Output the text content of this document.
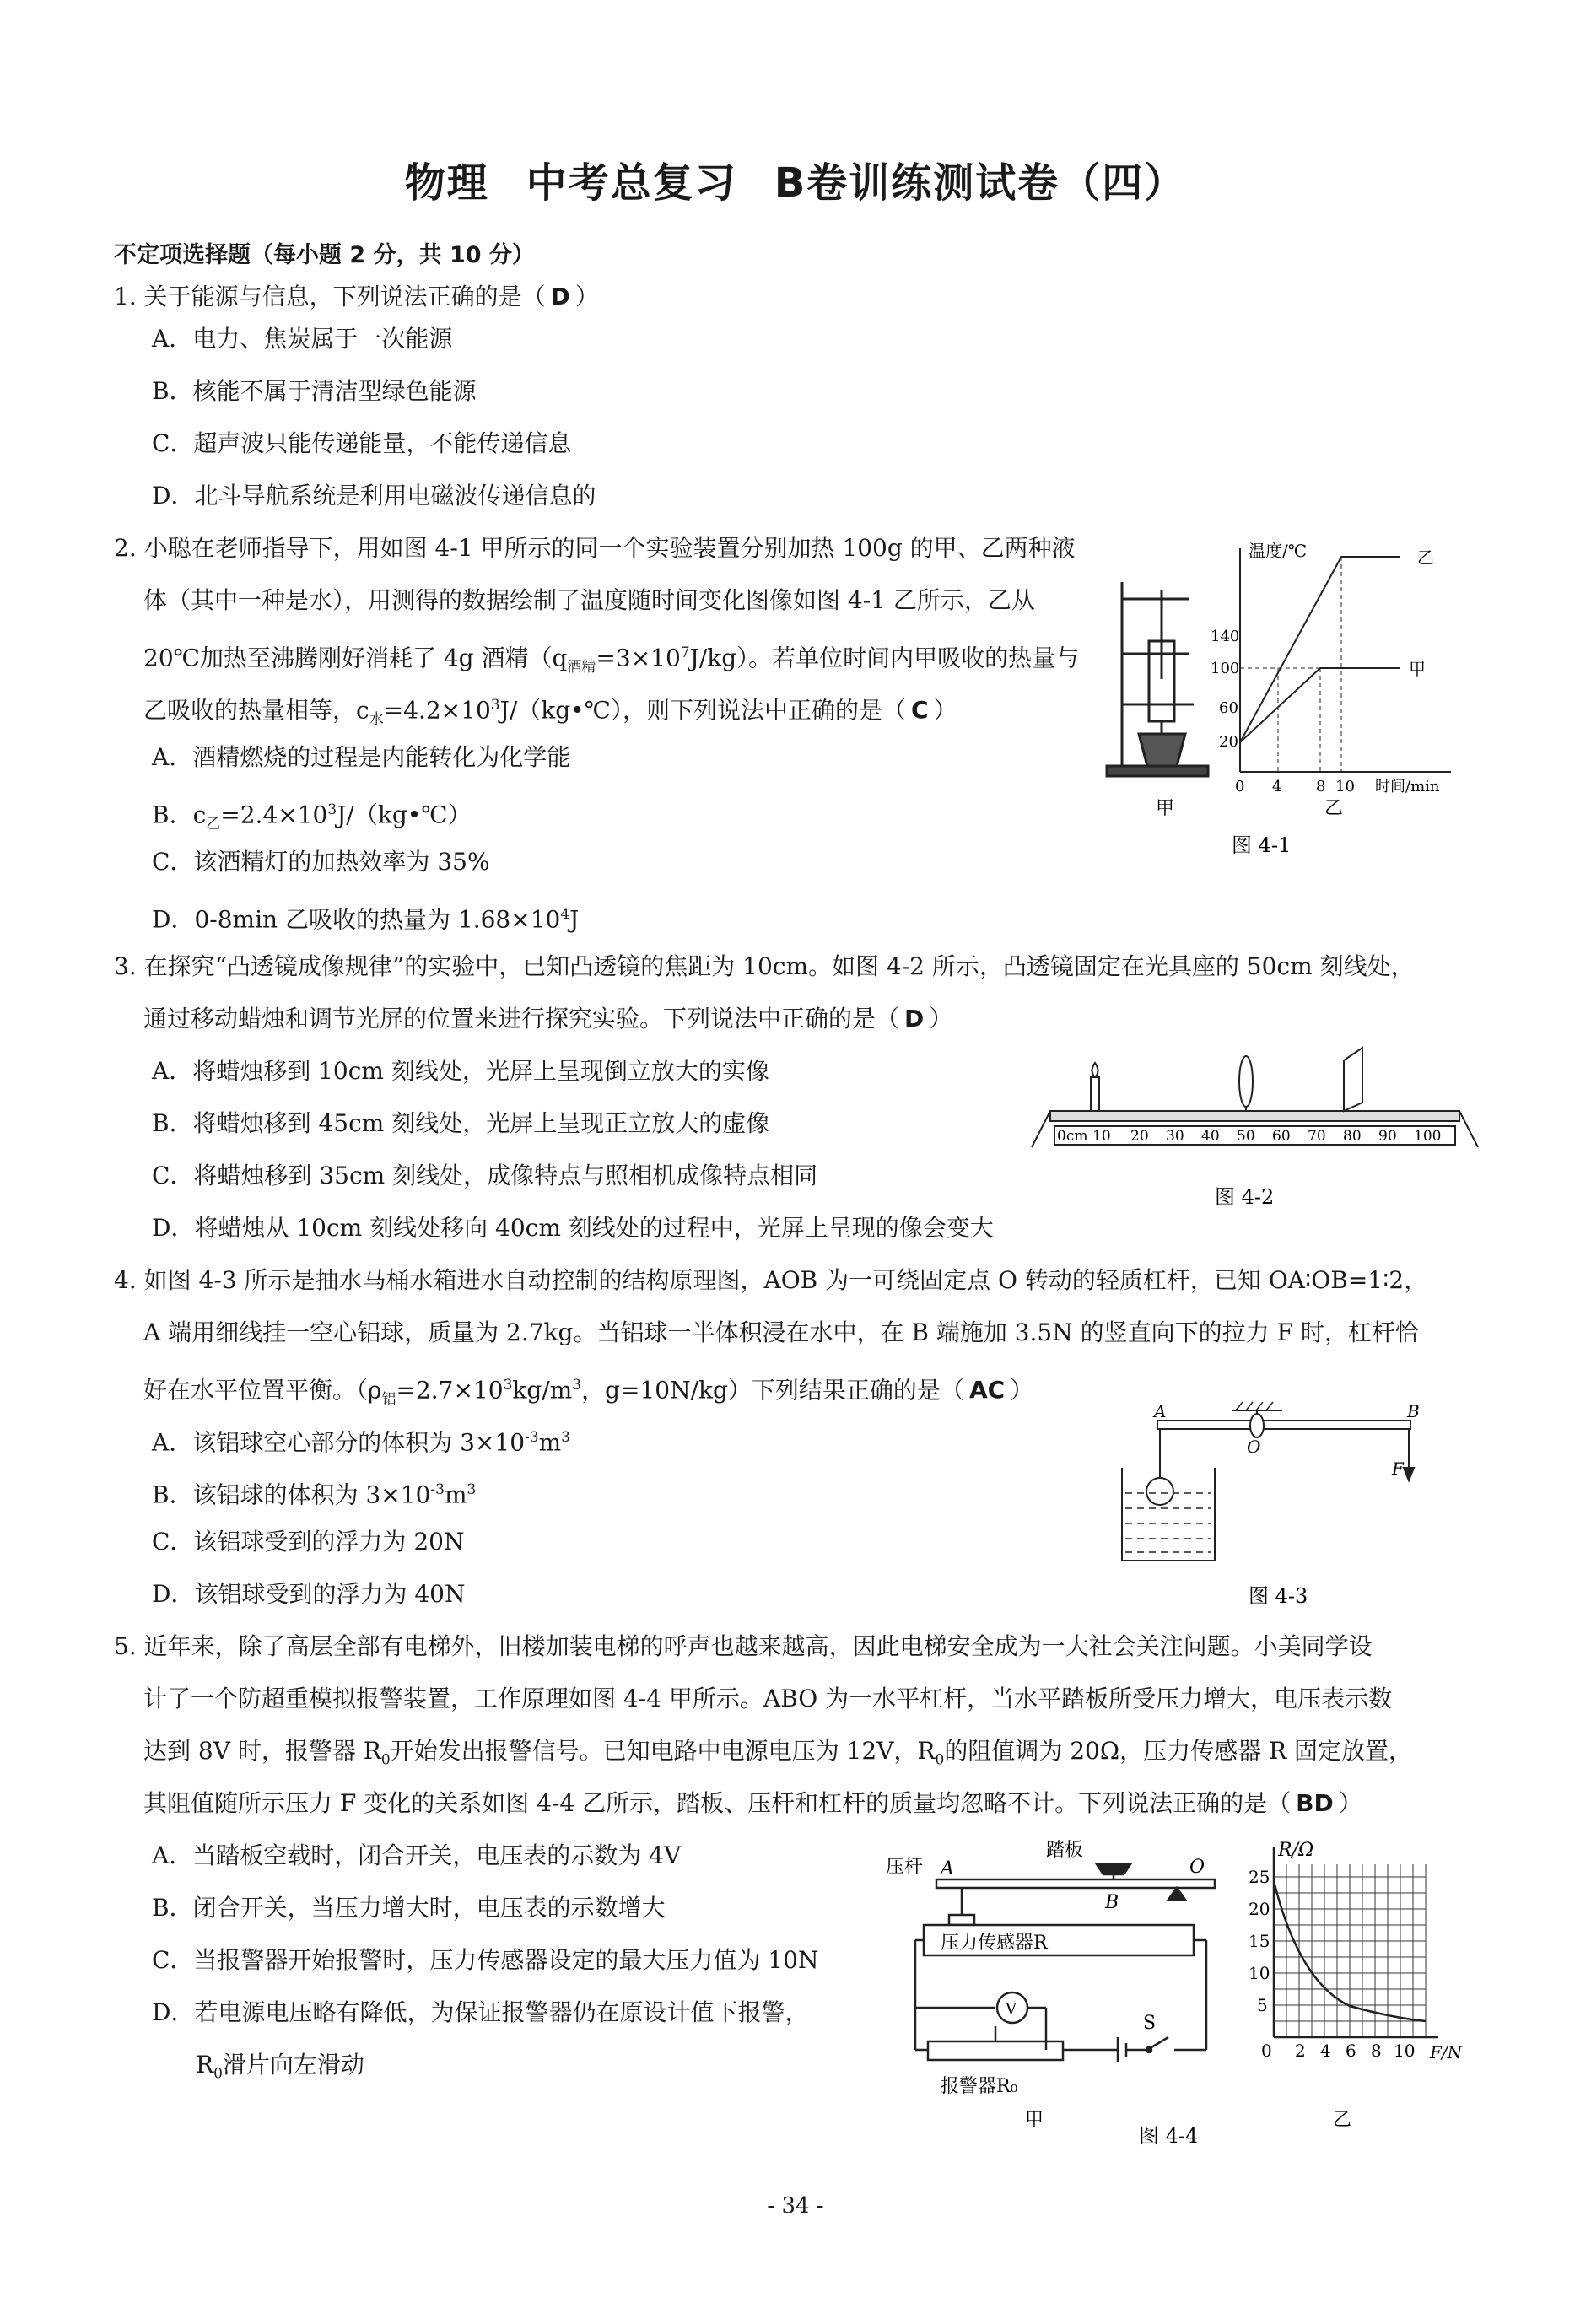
物理 中考总复习 B卷训练测试卷（四）
不定项选择题（每小题 2 分，共 10 分）
1. 关于能源与信息，下列说法正确的是（ D ）
A．电力、焦炭属于一次能源
B．核能不属于清洁型绿色能源
C．超声波只能传递能量，不能传递信息
D．北斗导航系统是利用电磁波传递信息的
2. 小聪在老师指导下，用如图 4-1 甲所示的同一个实验装置分别加热 100g 的甲、乙两种液
体（其中一种是水），用测得的数据绘制了温度随时间变化图像如图 4-1 乙所示，乙从
20℃加热至沸腾刚好消耗了 4g 酒精$(q_{酒精}=3\times 10^7J/kg)$。若单位时间内甲吸收的热量与
乙吸收的热量相等，$c_水=4.2\times 10^3J/(kg•℃)$，则下列说法中正确的是（ C ）
A．酒精燃烧的过程是内能转化为化学能
B．$c_乙=2.4\times 10^3J/(kg•℃)$
C．该酒精灯的加热效率为 35%
D．0-8min 乙吸收的热量为 $1.68\times 10^4J$
甲
温度/℃
时间/min
140
100
60
20
0 4 8 10
乙
甲
乙
图 4-1
3. 在探究“凸透镜成像规律”的实验中，已知凸透镜的焦距为 10cm。如图 4-2 所示，凸透镜固定在光具座的 50cm 刻线处，
通过移动蜡烛和调节光屏的位置来进行探究实验。下列说法中正确的是（ D ）
A．将蜡烛移到 10cm 刻线处，光屏上呈现倒立放大的实像
B．将蜡烛移到 45cm 刻线处，光屏上呈现正立放大的虚像
C．将蜡烛移到 35cm 刻线处，成像特点与照相机成像特点相同
D．将蜡烛从 10cm 刻线处移向 40cm 刻线处的过程中，光屏上呈现的像会变大
0cm 10 20 30 40 50 60 70 80 90 100
图 4-2
4. 如图 4-3 所示是抽水马桶水箱进水自动控制的结构原理图，AOB 为一可绕固定点 O 转动的轻质杠杆，已知 OA∶OB=1∶2，
A 端用细线挂一空心铝球，质量为 2.7kg。当铝球一半体积浸在水中，在 B 端施加 3.5N 的竖直向下的拉力 F 时，杠杆恰
好在水平位置平衡。（$\rho_铝=2.7\times 10^3kg/m^3$，g=10N/kg）下列结果正确的是（ AC ）
A．该铝球空心部分的体积为 $3\times 10^{-3}m^3$
B．该铝球的体积为 $3\times 10^{-3}m^3$
C．该铝球受到的浮力为 20N
D．该铝球受到的浮力为 40N
A	B
O
F
图 4-3
5. 近年来，除了高层全部有电梯外，旧楼加装电梯的呼声也越来越高，因此电梯安全成为一大社会关注问题。小美同学设
计了一个防超重模拟报警装置，工作原理如图 4-4 甲所示。ABO 为一水平杠杆，当水平踏板所受压力增大，电压表示数
达到 8V 时，报警器 $R_0$开始发出报警信号。已知电路中电源电压为 12V，$R_0$的阻值调为 20Ω，压力传感器 R 固定放置，
其阻值随所示压力 F 变化的关系如图 4-4 乙所示，踏板、压杆和杠杆的质量均忽略不计。下列说法正确的是（ BD ）
A．当踏板空载时，闭合开关，电压表的示数为 4V
B．闭合开关，当压力增大时，电压表的示数增大
C．当报警器开始报警时，压力传感器设定的最大压力值为 10N
D．若电源电压略有降低，为保证报警器仍在原设计值下报警，
$R_0$滑片向左滑动
压杆 A
踏板
O
B
压力传感器R
V
S
报警器R₀
甲
图 4-4
R/Ω
F/N
25
20
15
10
5
0 2 4 6 8 10
乙
- 34 -
